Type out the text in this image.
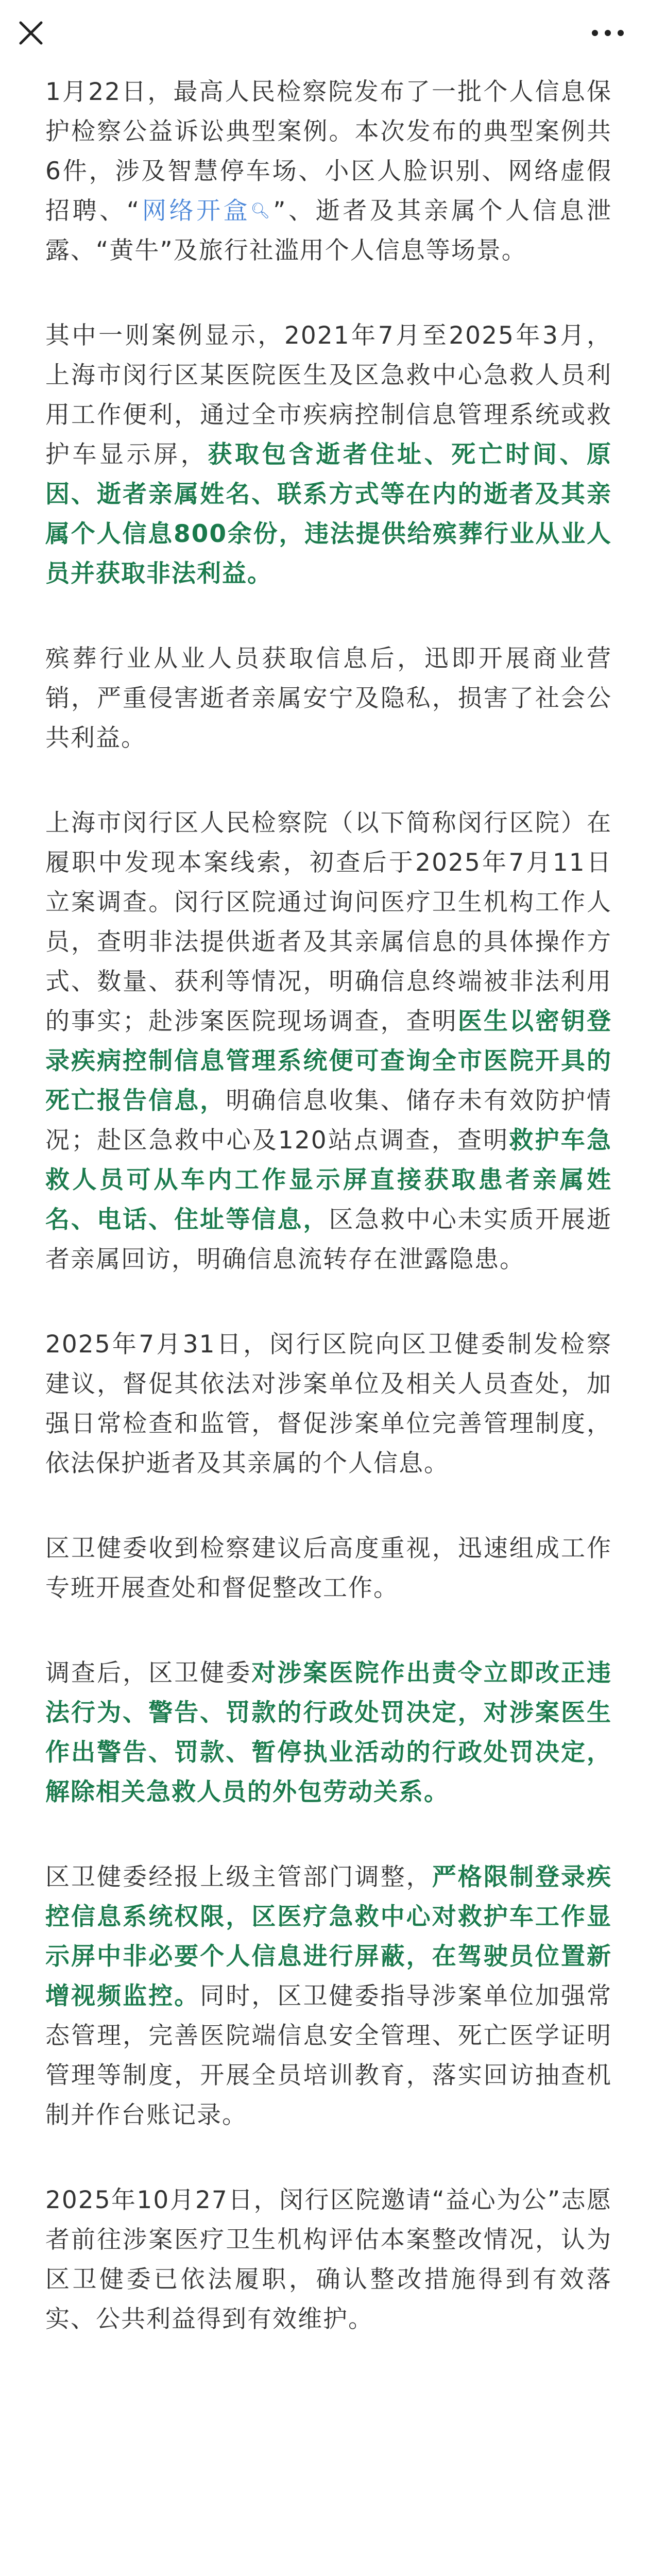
1月22日，最高人民检察院发布了一批个人信息保护检察公益诉讼典型案例。本次发布的典型案例共6件，涉及智慧停车场、小区人脸识别、网络虚假招聘、“网络开盒🔍︎”、逝者及其亲属个人信息泄露、“黄牛”及旅行社滥用个人信息等场景。

其中一则案例显示，2021年7月至2025年3月，上海市闵行区某医院医生及区急救中心急救人员利用工作便利，通过全市疾病控制信息管理系统或救护车显示屏，获取包含逝者住址、死亡时间、原因、逝者亲属姓名、联系方式等在内的逝者及其亲属个人信息800余份，违法提供给殡葬行业从业人员并获取非法利益。

殡葬行业从业人员获取信息后，迅即开展商业营销，严重侵害逝者亲属安宁及隐私，损害了社会公共利益。

上海市闵行区人民检察院（以下简称闵行区院）在履职中发现本案线索，初查后于2025年7月11日立案调查。闵行区院通过询问医疗卫生机构工作人员，查明非法提供逝者及其亲属信息的具体操作方式、数量、获利等情况，明确信息终端被非法利用的事实；赴涉案医院现场调查，查明医生以密钥登录疾病控制信息管理系统便可查询全市医院开具的死亡报告信息，明确信息收集、储存未有效防护情况；赴区急救中心及120站点调查，查明救护车急救人员可从车内工作显示屏直接获取患者亲属姓名、电话、住址等信息，区急救中心未实质开展逝者亲属回访，明确信息流转存在泄露隐患。

2025年7月31日，闵行区院向区卫健委制发检察建议，督促其依法对涉案单位及相关人员查处，加强日常检查和监管，督促涉案单位完善管理制度，依法保护逝者及其亲属的个人信息。

区卫健委收到检察建议后高度重视，迅速组成工作专班开展查处和督促整改工作。

调查后，区卫健委对涉案医院作出责令立即改正违法行为、警告、罚款的行政处罚决定，对涉案医生作出警告、罚款、暂停执业活动的行政处罚决定，解除相关急救人员的外包劳动关系。

区卫健委经报上级主管部门调整，严格限制登录疾控信息系统权限，区医疗急救中心对救护车工作显示屏中非必要个人信息进行屏蔽，在驾驶员位置新增视频监控。同时，区卫健委指导涉案单位加强常态管理，完善医院端信息安全管理、死亡医学证明管理等制度，开展全员培训教育，落实回访抽查机制并作台账记录。

2025年10月27日，闵行区院邀请“益心为公”志愿者前往涉案医疗卫生机构评估本案整改情况，认为区卫健委已依法履职，确认整改措施得到有效落实、公共利益得到有效维护。
